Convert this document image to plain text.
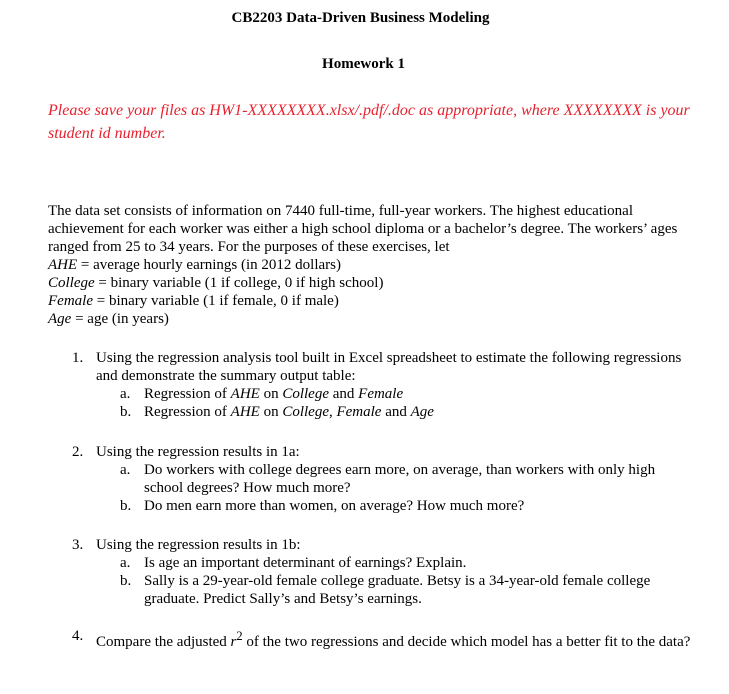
CB2203 Data-Driven Business Modeling
Homework 1
Please save your files as HW1-XXXXXXXX.xlsx/.pdf/.doc as appropriate, where XXXXXXXX is your student id number.

The data set consists of information on 7440 full-time, full-year workers. The highest educational achievement for each worker was either a high school diploma or a bachelor’s degree. The workers’ ages ranged from 25 to 34 years. For the purposes of these exercises, let

AHE = average hourly earnings (in 2012 dollars)
College = binary variable (1 if college, 0 if high school)
Female = binary variable (1 if female, 0 if male)
Age = age (in years)
1. Using the regression analysis tool built in Excel spreadsheet to estimate the following regressions and demonstrate the summary output table:
a. Regression of AHE on College and Female
b. Regression of AHE on College, Female and Age
2. Using the regression results in 1a:
a. Do workers with college degrees earn more, on average, than workers with only high school degrees? How much more?
b. Do men earn more than women, on average? How much more?
3. Using the regression results in 1b:
a. Is age an important determinant of earnings? Explain.
b. Sally is a 29-year-old female college graduate. Betsy is a 34-year-old female college graduate. Predict Sally’s and Betsy’s earnings.
4. Compare the adjusted $r^2$ of the two regressions and decide which model has a better fit to the data?
